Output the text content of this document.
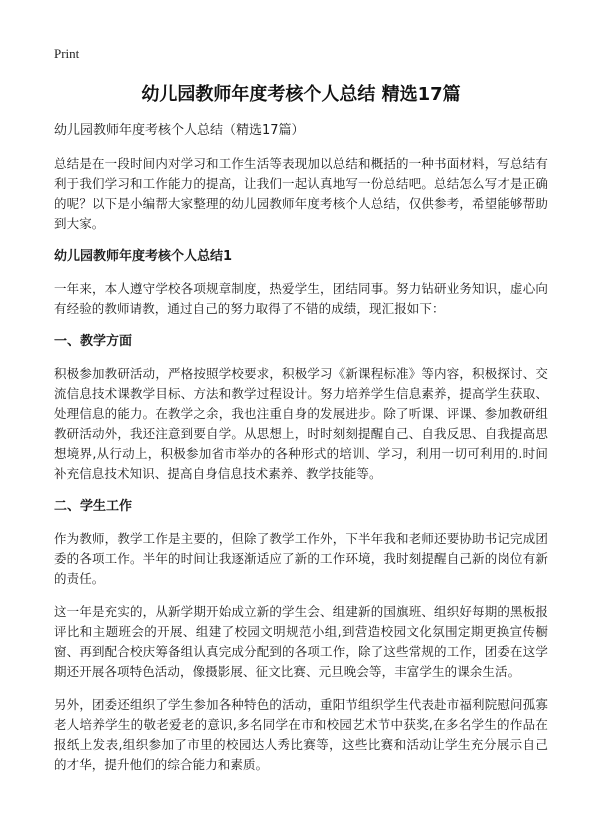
Print
幼儿园教师年度考核个人总结 精选17篇
幼儿园教师年度考核个人总结（精选17篇）

总结是在一段时间内对学习和工作生活等表现加以总结和概括的一种书面材料，写总结有利于我们学习和工作能力的提高，让我们一起认真地写一份总结吧。总结怎么写才是正确的呢？以下是小编帮大家整理的幼儿园教师年度考核个人总结，仅供参考，希望能够帮助到大家。

幼儿园教师年度考核个人总结1

一年来，本人遵守学校各项规章制度，热爱学生，团结同事。努力钻研业务知识，虚心向有经验的教师请教，通过自己的努力取得了不错的成绩，现汇报如下：

一、教学方面

积极参加教研活动，严格按照学校要求，积极学习《新课程标准》等内容，积极探讨、交流信息技术课教学目标、方法和教学过程设计。努力培养学生信息素养，提高学生获取、处理信息的能力。在教学之余，我也注重自身的发展进步。除了听课、评课、参加教研组教研活动外，我还注意到要自学。从思想上，时时刻刻提醒自己、自我反思、自我提高思想境界,从行动上，积极参加省市举办的各种形式的培训、学习，利用一切可利用的.时间补充信息技术知识、提高自身信息技术素养、教学技能等。

二、学生工作

作为教师，教学工作是主要的，但除了教学工作外，下半年我和老师还要协助书记完成团委的各项工作。半年的时间让我逐渐适应了新的工作环境，我时刻提醒自己新的岗位有新的责任。

这一年是充实的，从新学期开始成立新的学生会、组建新的国旗班、组织好每期的黑板报评比和主题班会的开展、组建了校园文明规范小组,到营造校园文化氛围定期更换宣传橱窗、再到配合校庆筹备组认真完成分配到的各项工作，除了这些常规的工作，团委在这学期还开展各项特色活动，像摄影展、征文比赛、元旦晚会等，丰富学生的课余生活。

另外，团委还组织了学生参加各种特色的活动，重阳节组织学生代表赴市福利院慰问孤寡老人培养学生的敬老爱老的意识,多名同学在市和校园艺术节中获奖,在多名学生的作品在报纸上发表,组织参加了市里的校园达人秀比赛等，这些比赛和活动让学生充分展示自己的才华，提升他们的综合能力和素质。
